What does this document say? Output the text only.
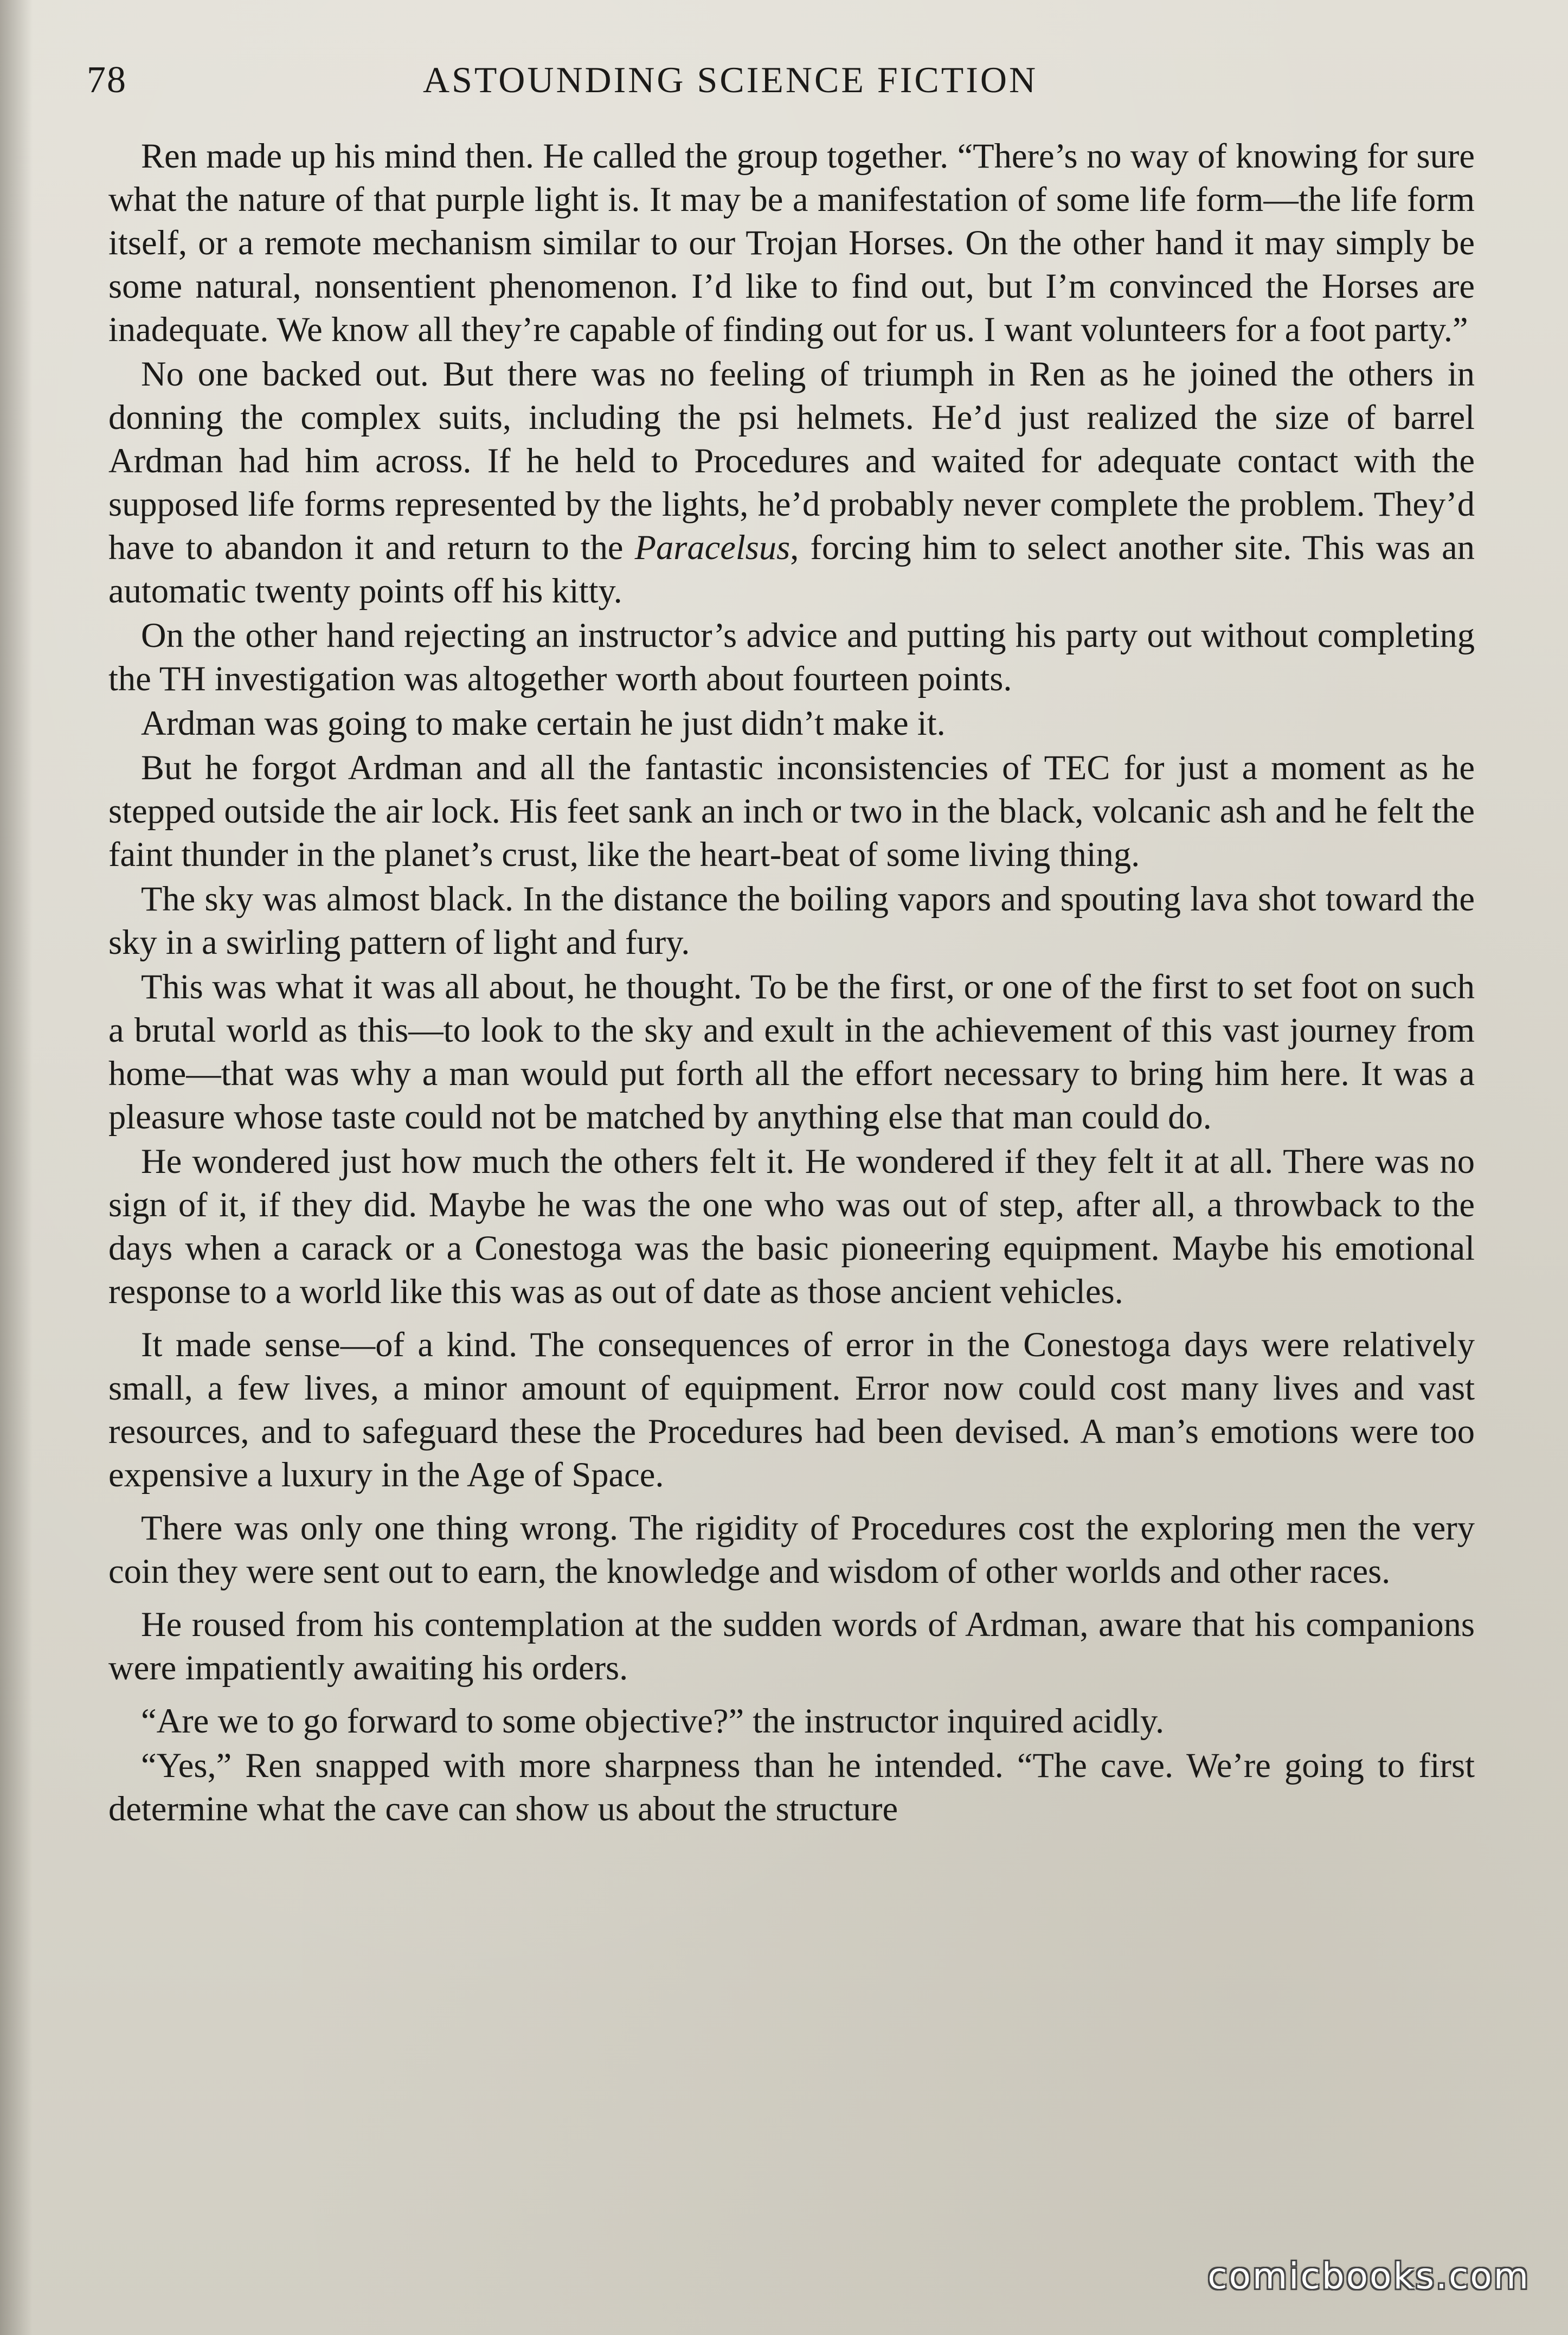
78	ASTOUNDING SCIENCE FICTION

Ren made up his mind then. He called the group together. “There’s no way of knowing for sure what the nature of that purple light is. It may be a manifestation of some life form—the life form itself, or a remote mechanism similar to our Trojan Horses. On the other hand it may simply be some natural, nonsentient phenomenon. I’d like to find out, but I’m convinced the Horses are inadequate. We know all they’re capable of finding out for us. I want volunteers for a foot party.”

No one backed out. But there was no feeling of triumph in Ren as he joined the others in donning the complex suits, including the psi helmets. He’d just realized the size of barrel Ardman had him across. If he held to Procedures and waited for adequate contact with the supposed life forms represented by the lights, he’d probably never complete the problem. They’d have to abandon it and return to the Paracelsus, forcing him to select another site. This was an automatic twenty points off his kitty.

On the other hand rejecting an instructor’s advice and putting his party out without completing the TH investigation was altogether worth about fourteen points.

Ardman was going to make certain he just didn’t make it.

But he forgot Ardman and all the fantastic inconsistencies of TEC for just a moment as he stepped outside the air lock. His feet sank an inch or two in the black, volcanic ash and he felt the faint thunder in the planet’s crust, like the heart-beat of some living thing.

The sky was almost black. In the distance the boiling vapors and spouting lava shot toward the sky in a swirling pattern of light and fury.

This was what it was all about, he thought. To be the first, or one of the first to set foot on such a brutal world as this—to look to the sky and exult in the achievement of this vast journey from home—that was why a man would put forth all the effort necessary to bring him here. It was a pleasure whose taste could not be matched by anything else that man could do.

He wondered just how much the others felt it. He wondered if they felt it at all. There was no sign of it, if they did. Maybe he was the one who was out of step, after all, a throwback to the days when a carack or a Conestoga was the basic pioneering equipment. Maybe his emotional response to a world like this was as out of date as those ancient vehicles.

It made sense—of a kind. The consequences of error in the Conestoga days were relatively small, a few lives, a minor amount of equipment. Error now could cost many lives and vast resources, and to safeguard these the Procedures had been devised. A man’s emotions were too expensive a luxury in the Age of Space.

There was only one thing wrong. The rigidity of Procedures cost the exploring men the very coin they were sent out to earn, the knowledge and wisdom of other worlds and other races.

He roused from his contemplation at the sudden words of Ardman, aware that his companions were impatiently awaiting his orders.

“Are we to go forward to some objective?” the instructor inquired acidly.

“Yes,” Ren snapped with more sharpness than he intended. “The cave. We’re going to first determine what the cave can show us about the structure

comicbooks.com
